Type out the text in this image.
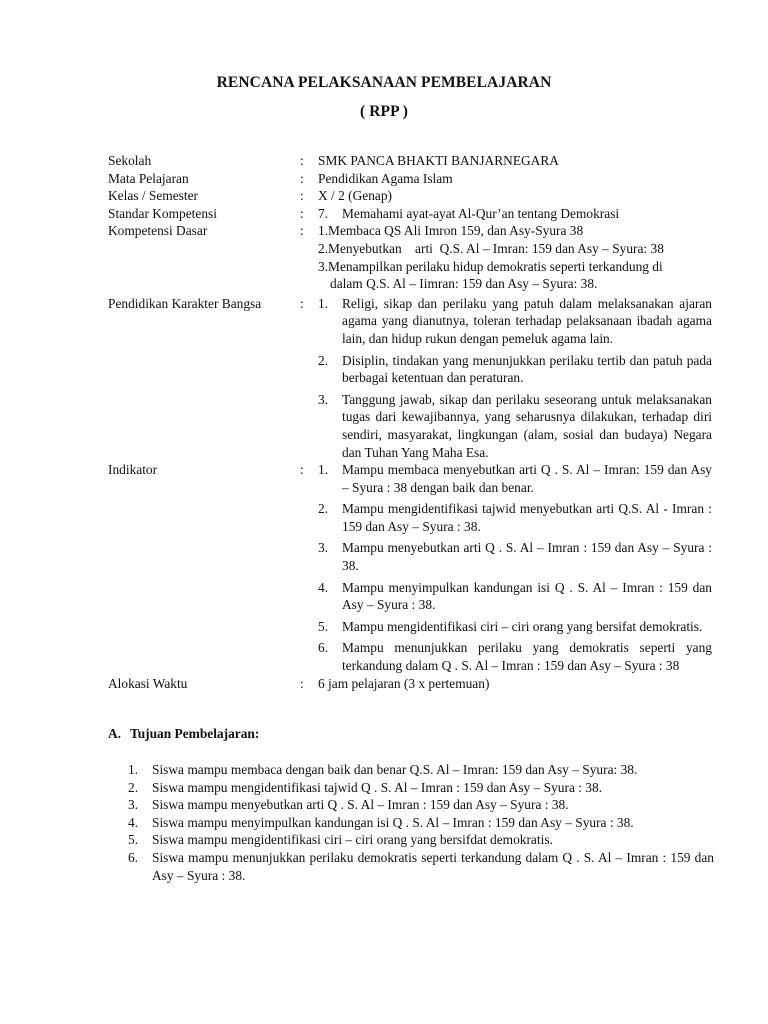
RENCANA PELAKSANAAN PEMBELAJARAN
( RPP )
Sekolah	:	SMK PANCA BHAKTI BANJARNEGARA
Mata Pelajaran	:	Pendidikan Agama Islam
Kelas / Semester	:	X / 2 (Genap)
Standar Kompetensi	:	7.	Memahami ayat-ayat Al-Qur’an tentang Demokrasi
Kompetensi Dasar	:	1.Membaca QS Ali Imron 159, dan Asy-Syura 38
2.Menyebutkan    arti  Q.S. Al – Imran: 159 dan Asy – Syura: 38
3.Menampilkan perilaku hidup demokratis seperti terkandung di
dalam Q.S. Al – Iimran: 159 dan Asy – Syura: 38.
Pendidikan Karakter Bangsa	:	1.	Religi, sikap dan perilaku yang patuh dalam melaksanakan ajaran agama yang dianutnya, toleran terhadap pelaksanaan ibadah agama lain, dan hidup rukun dengan pemeluk agama lain.
2.	Disiplin, tindakan yang menunjukkan perilaku tertib dan patuh pada berbagai ketentuan dan peraturan.
3.	Tanggung jawab, sikap dan perilaku seseorang untuk melaksanakan tugas dari kewajibannya, yang seharusnya dilakukan, terhadap diri sendiri, masyarakat, lingkungan (alam, sosial dan budaya) Negara dan Tuhan Yang Maha Esa.
Indikator	:	1.	Mampu membaca menyebutkan arti Q . S. Al – Imran: 159 dan Asy – Syura : 38 dengan baik dan benar.
2.	Mampu mengidentifikasi tajwid menyebutkan arti Q.S. Al - Imran : 159 dan Asy – Syura : 38.
3.	Mampu menyebutkan arti Q . S. Al – Imran : 159 dan Asy – Syura : 38.
4.	Mampu menyimpulkan kandungan isi Q . S. Al – Imran : 159 dan Asy – Syura : 38.
5.	Mampu mengidentifikasi ciri – ciri orang yang bersifat demokratis.
6.	Mampu menunjukkan perilaku yang demokratis seperti yang terkandung dalam Q . S. Al – Imran : 159 dan Asy – Syura : 38
Alokasi Waktu	:	6 jam pelajaran (3 x pertemuan)
A. Tujuan Pembelajaran:
1.	Siswa mampu membaca dengan baik dan benar Q.S. Al – Imran: 159 dan Asy – Syura: 38.
2.	Siswa mampu mengidentifikasi tajwid Q . S. Al – Imran : 159 dan Asy – Syura : 38.
3.	Siswa mampu menyebutkan arti Q . S. Al – Imran : 159 dan Asy – Syura : 38.
4.	Siswa mampu menyimpulkan kandungan isi Q . S. Al – Imran : 159 dan Asy – Syura : 38.
5.	Siswa mampu mengidentifikasi ciri – ciri orang yang bersifdat demokratis.
6.	Siswa mampu menunjukkan perilaku demokratis seperti terkandung dalam Q . S. Al – Imran : 159 dan Asy – Syura : 38.
